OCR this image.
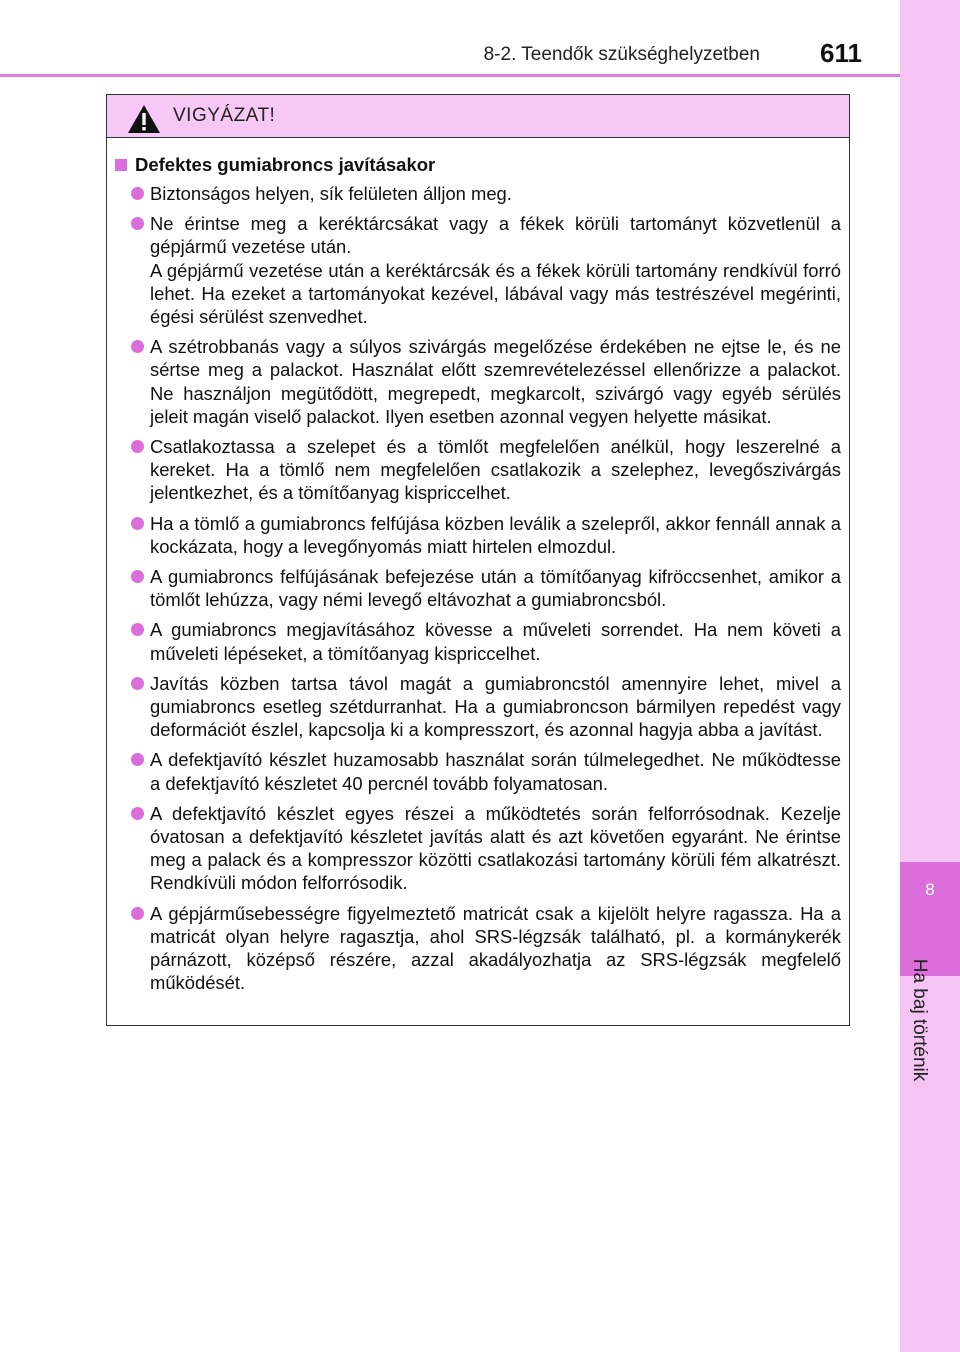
8-2. Teendők szükséghelyzetben 611
8
Ha baj történik
VIGYÁZAT!
Defektes gumiabroncs javításakor
Biztonságos helyen, sík felületen álljon meg.
Ne érintse meg a keréktárcsákat vagy a fékek körüli tartományt közvetlenül a gépjármű vezetése után.
A gépjármű vezetése után a keréktárcsák és a fékek körüli tartomány rendkívül forró lehet. Ha ezeket a tartományokat kezével, lábával vagy más testrészével megérinti, égési sérülést szenvedhet.
A szétrobbanás vagy a súlyos szivárgás megelőzése érdekében ne ejtse le, és ne sértse meg a palackot. Használat előtt szemrevételezéssel ellenőrizze a palackot. Ne használjon megütődött, megrepedt, megkarcolt, szivárgó vagy egyéb sérülés jeleit magán viselő palackot. Ilyen esetben azonnal vegyen helyette másikat.
Csatlakoztassa a szelepet és a tömlőt megfelelően anélkül, hogy leszerelné a kereket. Ha a tömlő nem megfelelően csatlakozik a szelephez, levegőszivárgás jelentkezhet, és a tömítőanyag kispriccelhet.
Ha a tömlő a gumiabroncs felfújása közben leválik a szelepről, akkor fennáll annak a kockázata, hogy a levegőnyomás miatt hirtelen elmozdul.
A gumiabroncs felfújásának befejezése után a tömítőanyag kifröccsenhet, amikor a tömlőt lehúzza, vagy némi levegő eltávozhat a gumiabroncsból.
A gumiabroncs megjavításához kövesse a műveleti sorrendet. Ha nem követi a műveleti lépéseket, a tömítőanyag kispriccelhet.
Javítás közben tartsa távol magát a gumiabroncstól amennyire lehet, mivel a gumiabroncs esetleg szétdurranhat. Ha a gumiabroncson bármilyen repedést vagy deformációt észlel, kapcsolja ki a kompresszort, és azonnal hagyja abba a javítást.
A defektjavító készlet huzamosabb használat során túlmelegedhet. Ne működtesse a defektjavító készletet 40 percnél tovább folyamatosan.
A defektjavító készlet egyes részei a működtetés során felforrósodnak. Kezelje óvatosan a defektjavító készletet javítás alatt és azt követően egyaránt. Ne érintse meg a palack és a kompresszor közötti csatlakozási tartomány körüli fém alkatrészt. Rendkívüli módon felforrósodik.
A gépjárműsebességre figyelmeztető matricát csak a kijelölt helyre ragassza. Ha a matricát olyan helyre ragasztja, ahol SRS-légzsák található, pl. a kormánykerék párnázott, középső részére, azzal akadályozhatja az SRS-légzsák megfelelő működését.
